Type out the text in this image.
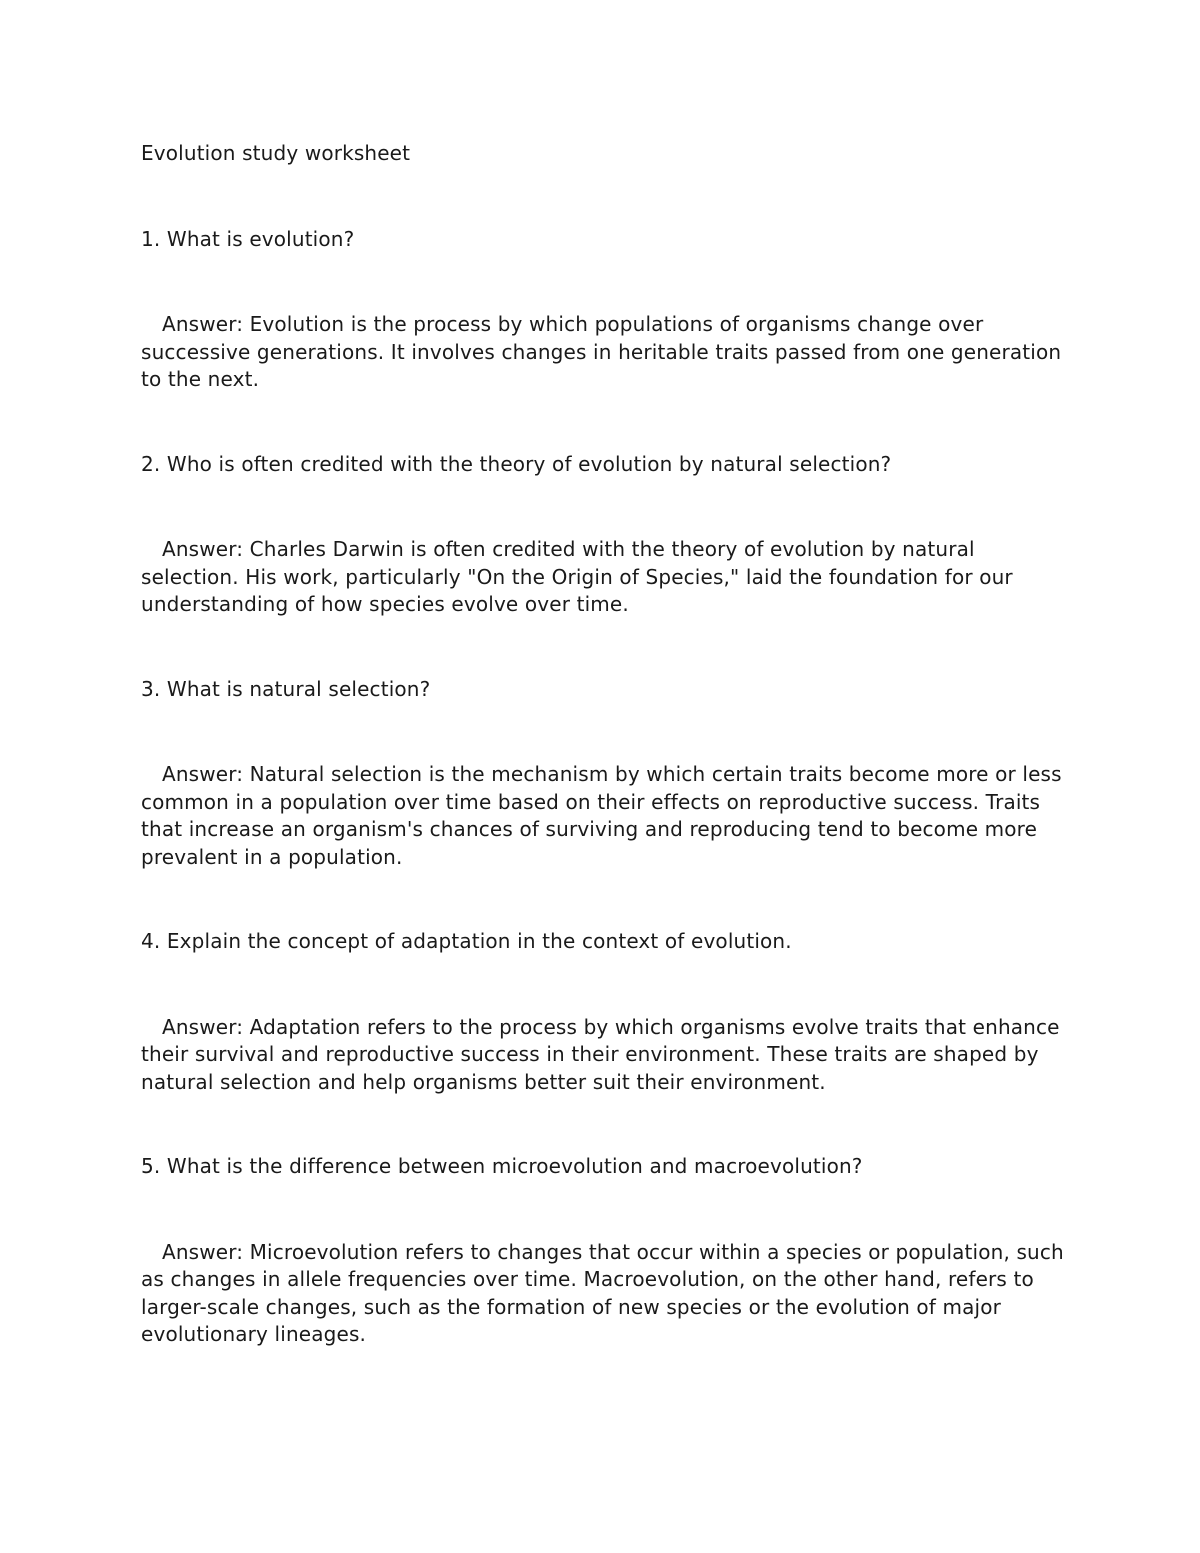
Evolution study worksheet

1. What is evolution?

Answer: Evolution is the process by which populations of organisms change over successive generations. It involves changes in heritable traits passed from one generation to the next.

2. Who is often credited with the theory of evolution by natural selection?

Answer: Charles Darwin is often credited with the theory of evolution by natural selection. His work, particularly "On the Origin of Species," laid the foundation for our understanding of how species evolve over time.

3. What is natural selection?

Answer: Natural selection is the mechanism by which certain traits become more or less common in a population over time based on their effects on reproductive success. Traits that increase an organism's chances of surviving and reproducing tend to become more prevalent in a population.

4. Explain the concept of adaptation in the context of evolution.

Answer: Adaptation refers to the process by which organisms evolve traits that enhance their survival and reproductive success in their environment. These traits are shaped by natural selection and help organisms better suit their environment.

5. What is the difference between microevolution and macroevolution?

Answer: Microevolution refers to changes that occur within a species or population, such as changes in allele frequencies over time. Macroevolution, on the other hand, refers to larger-scale changes, such as the formation of new species or the evolution of major evolutionary lineages.
